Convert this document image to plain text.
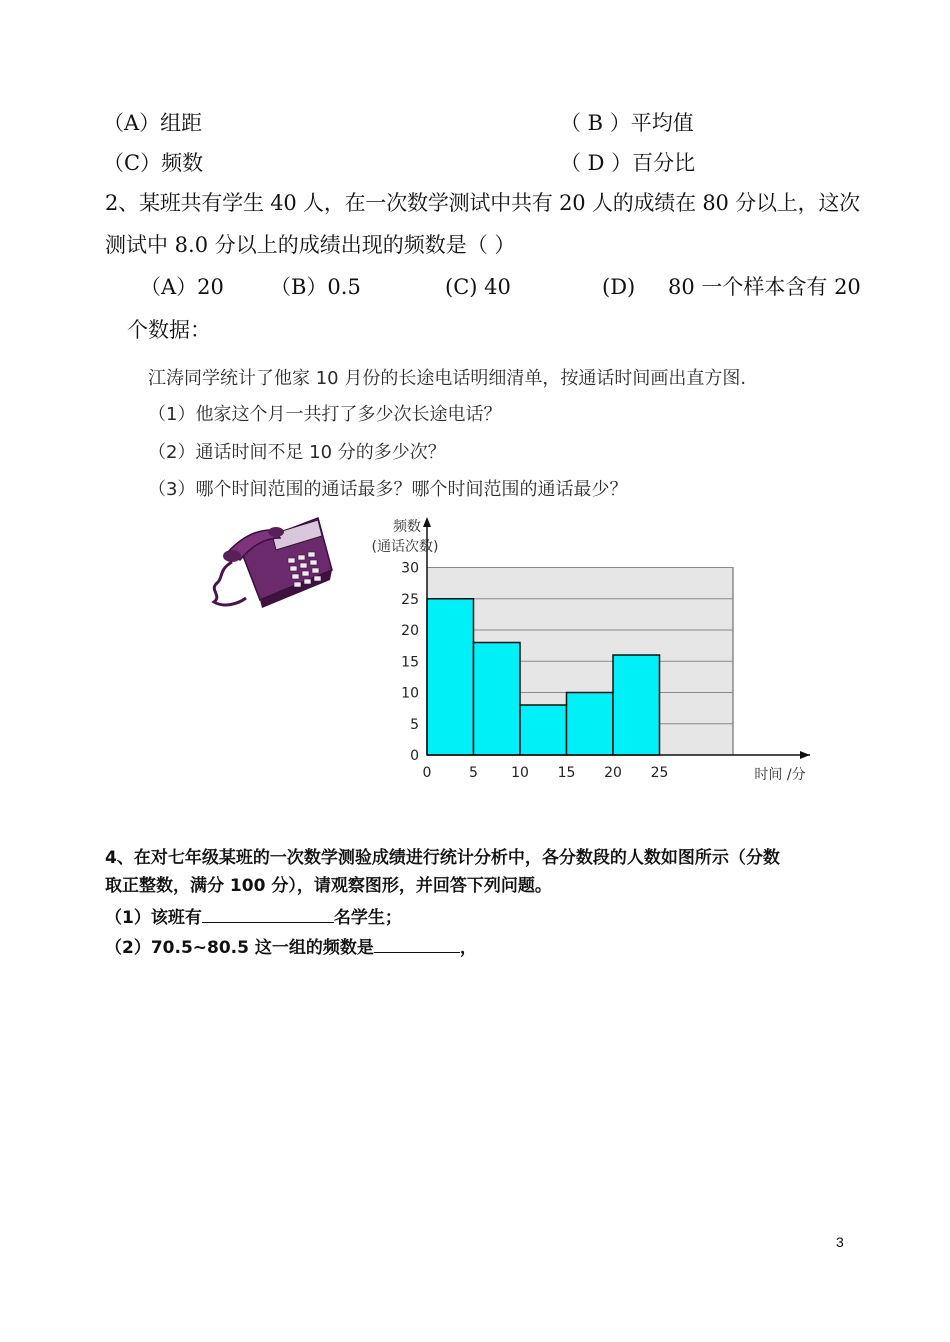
（A）组距	（ B ）平均值
（C）频数	（ D ）百分比
2、某班共有学生 40 人，在一次数学测试中共有 20 人的成绩在 80 分以上，这次
测试中 8.0 分以上的成绩出现的频数是（ ）
（A）20 （B）0.5	(C) 40	(D) 80 一个样本含有 20
个数据：
江涛同学统计了他家 10 月份的长途电话明细清单，按通话时间画出直方图.
（1）他家这个月一共打了多少次长途电话？
（2）通话时间不足 10 分的多少次？
（3）哪个时间范围的通话最多？哪个时间范围的通话最少？
0
5
10
15
20
25
30
0	5 10 15 20 25
频数
(通话次数)
时间 /分
4、在对七年级某班的一次数学测验成绩进行统计分析中，各分数段的人数如图所示（分数
取正整数，满分 100 分），请观察图形，并回答下列问题。
（1）该班有	名学生；
（2）70.5~80.5 这一组的频数是	，
3
